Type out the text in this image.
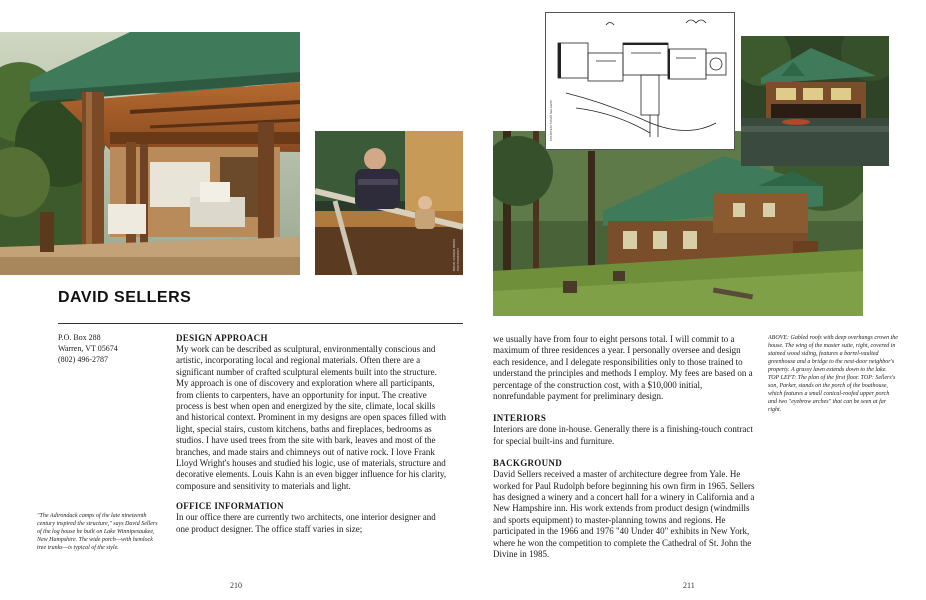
PHOTOGRAPHY
BRIAN VANDEN BRINK
DAVID SELLERS
P.O. Box 288
Warren, VT 05674
(802) 496-2787
"The Adirondack camps of the late nineteenth century inspired the structure," says David Sellers of the log house he built on Lake Winnipesaukee, New Hampshire. The wide porch—with hemlock tree trunks—is typical of the style.

DESIGN APPROACH

My work can be described as sculptural, environmentally conscious and artistic, incorporating local and regional materials. Often there are a significant number of crafted sculptural elements built into the structure. My approach is one of discovery and exploration where all participants, from clients to carpenters, have an opportunity for input. The creative process is best when open and energized by the site, climate, local skills and historical context. Prominent in my designs are open spaces filled with light, special stairs, custom kitchens, baths and fireplaces, bedrooms as studios. I have used trees from the site with bark, leaves and most of the branches, and made stairs and chimneys out of native rock. I love Frank Lloyd Wright's houses and studied his logic, use of materials, structure and decorative elements. Louis Kahn is an even bigger influence for his clarity, composure and sensitivity to materials and light.

OFFICE INFORMATION

In our office there are currently two architects, one interior designer and one product designer. The office staff varies in size;

210
COURTESY DAVID SELLERS

we usually have from four to eight persons total. I will commit to a maximum of three residences a year. I personally oversee and design each residence, and I delegate responsibilities only to those trained to understand the principles and methods I employ. My fees are based on a percentage of the construction cost, with a $10,000 initial, nonrefundable payment for preliminary design.

INTERIORS

Interiors are done in-house. Generally there is a finishing-touch contract for special built-ins and furniture.

BACKGROUND

David Sellers received a master of architecture degree from Yale. He worked for Paul Rudolph before beginning his own firm in 1965. Sellers has designed a winery and a concert hall for a winery in California and a New Hampshire inn. His work extends from product design (windmills and sports equipment) to master-planning towns and regions. He participated in the 1966 and 1976 "40 Under 40" exhibits in New York, where he won the competition to complete the Cathedral of St. John the Divine in 1985.

ABOVE: Gabled roofs with deep overhangs crown the house. The wing of the master suite, right, covered in stained wood siding, features a barrel-vaulted greenhouse and a bridge to the next-door neighbor's property. A grassy lawn extends down to the lake. TOP LEFT: The plan of the first floor. TOP: Sellers's son, Parker, stands on the porch of the boathouse, which features a small conical-roofed upper porch and two "eyebrow arches" that can be seen at far right.
211
